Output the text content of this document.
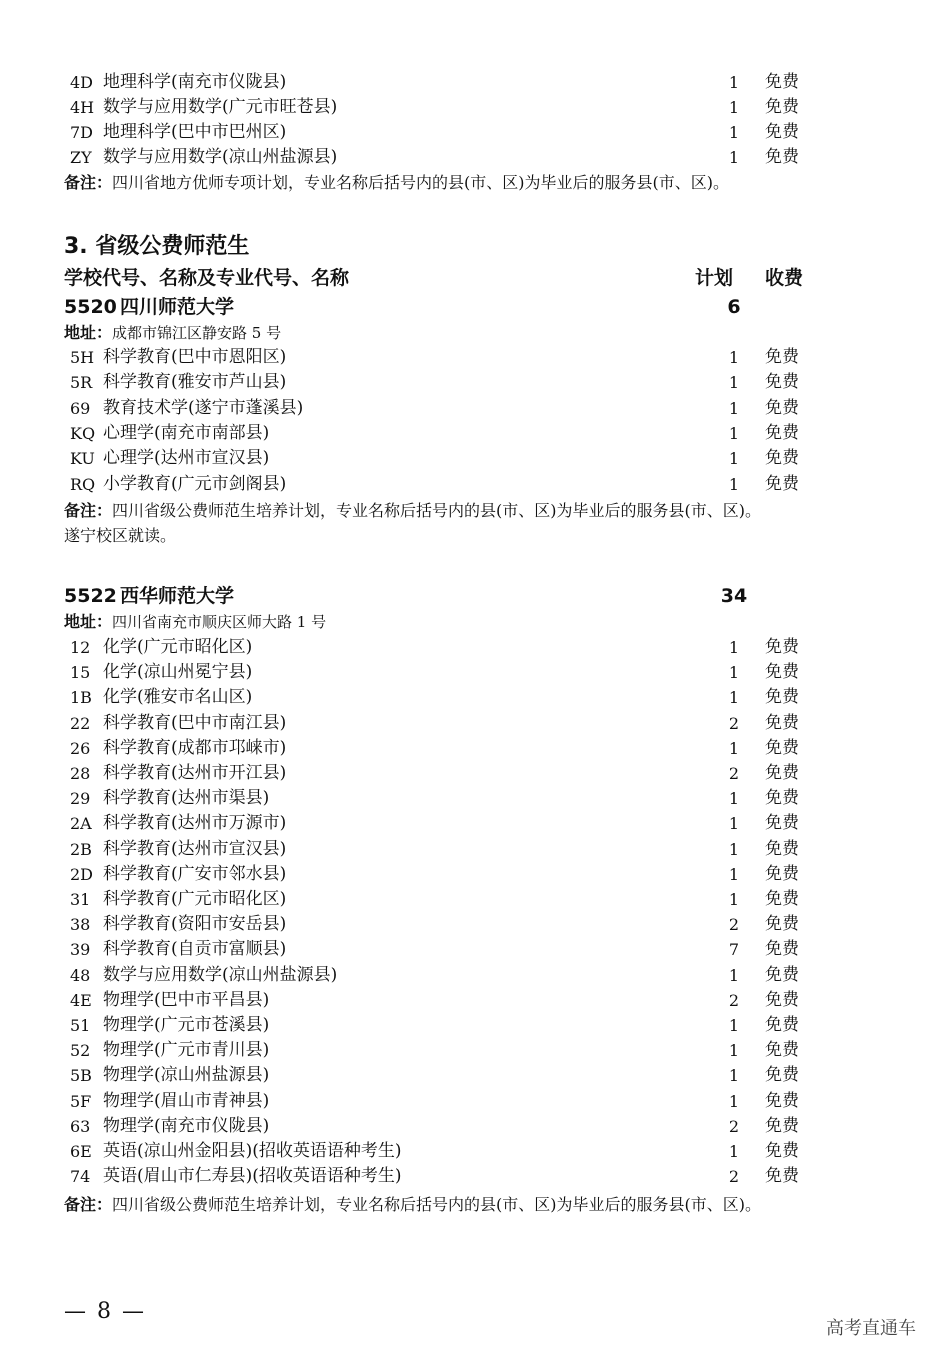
4D 地理科学(南充市仪陇县)	1	免费
4H 数学与应用数学(广元市旺苍县)	1	免费
7D 地理科学(巴中市巴州区)	1	免费
ZY 数学与应用数学(凉山州盐源县)	1	免费
备注：四川省地方优师专项计划，专业名称后括号内的县(市、区)为毕业后的服务县(市、区)。
3. 省级公费师范生
学校代号、名称及专业代号、名称	计划 收费
5520 四川师范大学	6
地址：成都市锦江区静安路 5 号
5H 科学教育(巴中市恩阳区)	1	免费
5R 科学教育(雅安市芦山县)	1	免费
69 教育技术学(遂宁市蓬溪县)	1	免费
KQ 心理学(南充市南部县)	1	免费
KU 心理学(达州市宣汉县)	1	免费
RQ 小学教育(广元市剑阁县)	1	免费
备注：四川省级公费师范生培养计划，专业名称后括号内的县(市、区)为毕业后的服务县(市、区)。
遂宁校区就读。
5522 西华师范大学	34
地址：四川省南充市顺庆区师大路 1 号
12 化学(广元市昭化区)	1	免费
15 化学(凉山州冕宁县)	1	免费
1B 化学(雅安市名山区)	1	免费
22 科学教育(巴中市南江县)	2	免费
26 科学教育(成都市邛崃市)	1	免费
28 科学教育(达州市开江县)	2	免费
29 科学教育(达州市渠县)	1	免费
2A 科学教育(达州市万源市)	1	免费
2B 科学教育(达州市宣汉县)	1	免费
2D 科学教育(广安市邻水县)	1	免费
31 科学教育(广元市昭化区)	1	免费
38 科学教育(资阳市安岳县)	2	免费
39 科学教育(自贡市富顺县)	7	免费
48 数学与应用数学(凉山州盐源县)	1	免费
4E 物理学(巴中市平昌县)	2	免费
51 物理学(广元市苍溪县)	1	免费
52 物理学(广元市青川县)	1	免费
5B 物理学(凉山州盐源县)	1	免费
5F 物理学(眉山市青神县)	1	免费
63 物理学(南充市仪陇县)	2	免费
6E 英语(凉山州金阳县)(招收英语语种考生)	1	免费
74 英语(眉山市仁寿县)(招收英语语种考生)	2	免费
备注：四川省级公费师范生培养计划，专业名称后括号内的县(市、区)为毕业后的服务县(市、区)。
— 8 —
高考直通车
